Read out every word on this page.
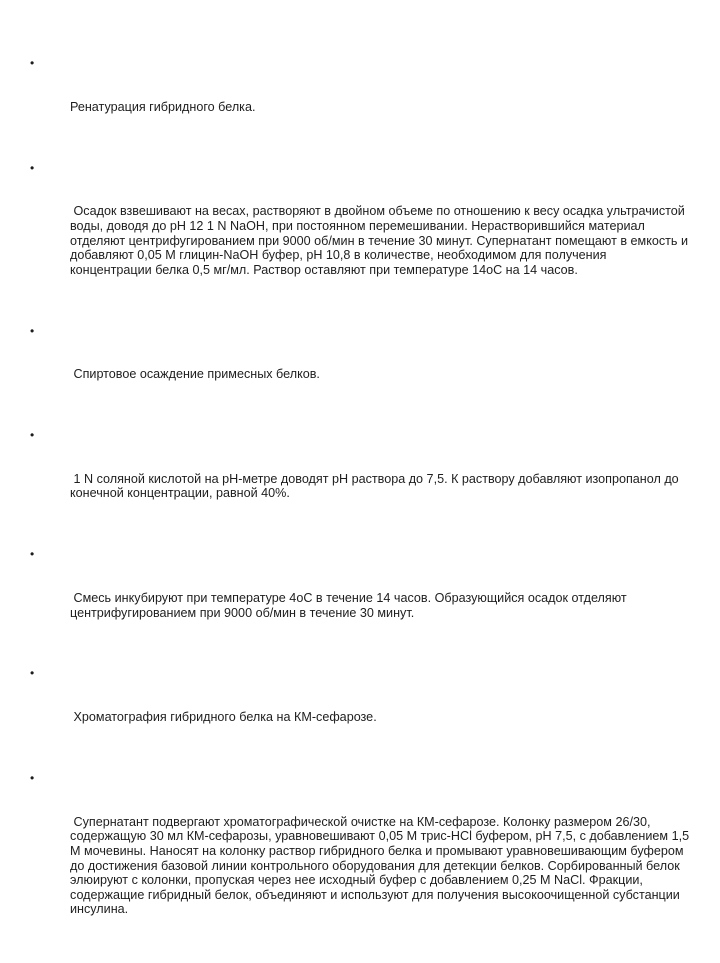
•

Ренатурация гибридного белка.

•

Осадок взвешивают на весах, растворяют в двойном объеме по отношению к весу осадка ультрачистой воды, доводя до рН 12 1 N NaOH, при постоянном перемешивании. Нерастворившийся материал отделяют центрифугированием при 9000 об/мин в течение 30 минут. Супернатант помещают в емкость и добавляют 0,05 М глицин-NaOH буфер, рН 10,8 в количестве, необходимом для получения концентрации белка 0,5 мг/мл. Раствор оставляют при температуре 14оС на 14 часов.

•

Спиртовое осаждение примесных белков.

•

1 N соляной кислотой на рН-метре доводят рН раствора до 7,5. К раствору добавляют изопропанол до конечной концентрации, равной 40%.

•

Смесь инкубируют при температуре 4оС в течение 14 часов. Образующийся осадок отделяют центрифугированием при 9000 об/мин в течение 30 минут.

•

Хроматография гибридного белка на КМ-сефарозе.

•

Супернатант подвергают хроматографической очистке на КМ-сефарозе. Колонку размером 26/30, содержащую 30 мл КМ-сефарозы, уравновешивают 0,05 М трис-HCl буфером, рН 7,5, с добавлением 1,5 М мочевины. Наносят на колонку раствор гибридного белка и промывают уравновешивающим буфером до достижения базовой линии контрольного оборудования для детекции белков. Сорбированный белок элюируют с колонки, пропуская через нее исходный буфер с добавлением 0,25 М NaCl. Фракции, содержащие гибридный белок, объединяют и используют для получения высокоочищенной субстанции инсулина.
